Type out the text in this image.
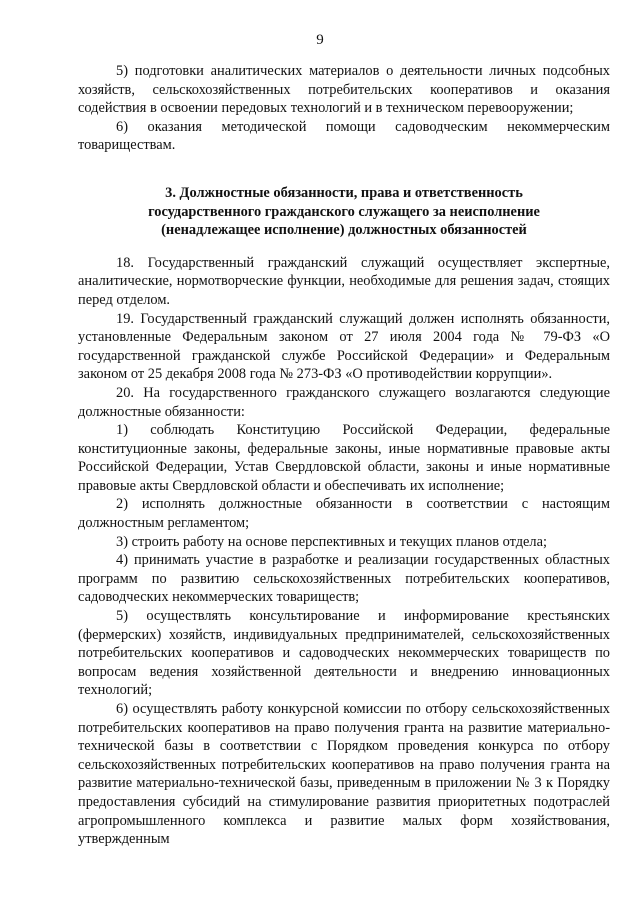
9

5) подготовки аналитических материалов о деятельности личных подсобных хозяйств, сельскохозяйственных потребительских кооперативов и оказания содействия в освоении передовых технологий и в техническом перевооружении;

6) оказания методической помощи садоводческим некоммерческим товариществам.

3. Должностные обязанности, права и ответственность
государственного гражданского служащего за неисполнение
(ненадлежащее исполнение) должностных обязанностей

18. Государственный гражданский служащий осуществляет экспертные, аналитические, нормотворческие функции, необходимые для решения задач, стоящих перед отделом.

19. Государственный гражданский служащий должен исполнять обязанности, установленные Федеральным законом от 27 июля 2004 года № 79-ФЗ «О государственной гражданской службе Российской Федерации» и Федеральным законом от 25 декабря 2008 года № 273-ФЗ «О противодействии коррупции».

20. На государственного гражданского служащего возлагаются следующие должностные обязанности:

1) соблюдать Конституцию Российской Федерации, федеральные конституционные законы, федеральные законы, иные нормативные правовые акты Российской Федерации, Устав Свердловской области, законы и иные нормативные правовые акты Свердловской области и обеспечивать их исполнение;

2) исполнять должностные обязанности в соответствии с настоящим должностным регламентом;

3) строить работу на основе перспективных и текущих планов отдела;

4) принимать участие в разработке и реализации государственных областных программ по развитию сельскохозяйственных потребительских кооперативов, садоводческих некоммерческих товариществ;

5) осуществлять консультирование и информирование крестьянских (фермерских) хозяйств, индивидуальных предпринимателей, сельскохозяйственных потребительских кооперативов и садоводческих некоммерческих товариществ по вопросам ведения хозяйственной деятельности и внедрению инновационных технологий;

6) осуществлять работу конкурсной комиссии по отбору сельскохозяйственных потребительских кооперативов на право получения гранта на развитие материально-технической базы в соответствии с Порядком проведения конкурса по отбору сельскохозяйственных потребительских кооперативов на право получения гранта на развитие материально-технической базы, приведенным в приложении № 3 к Порядку предоставления субсидий на стимулирование развития приоритетных подотраслей агропромышленного комплекса и развитие малых форм хозяйствования, утвержденным
